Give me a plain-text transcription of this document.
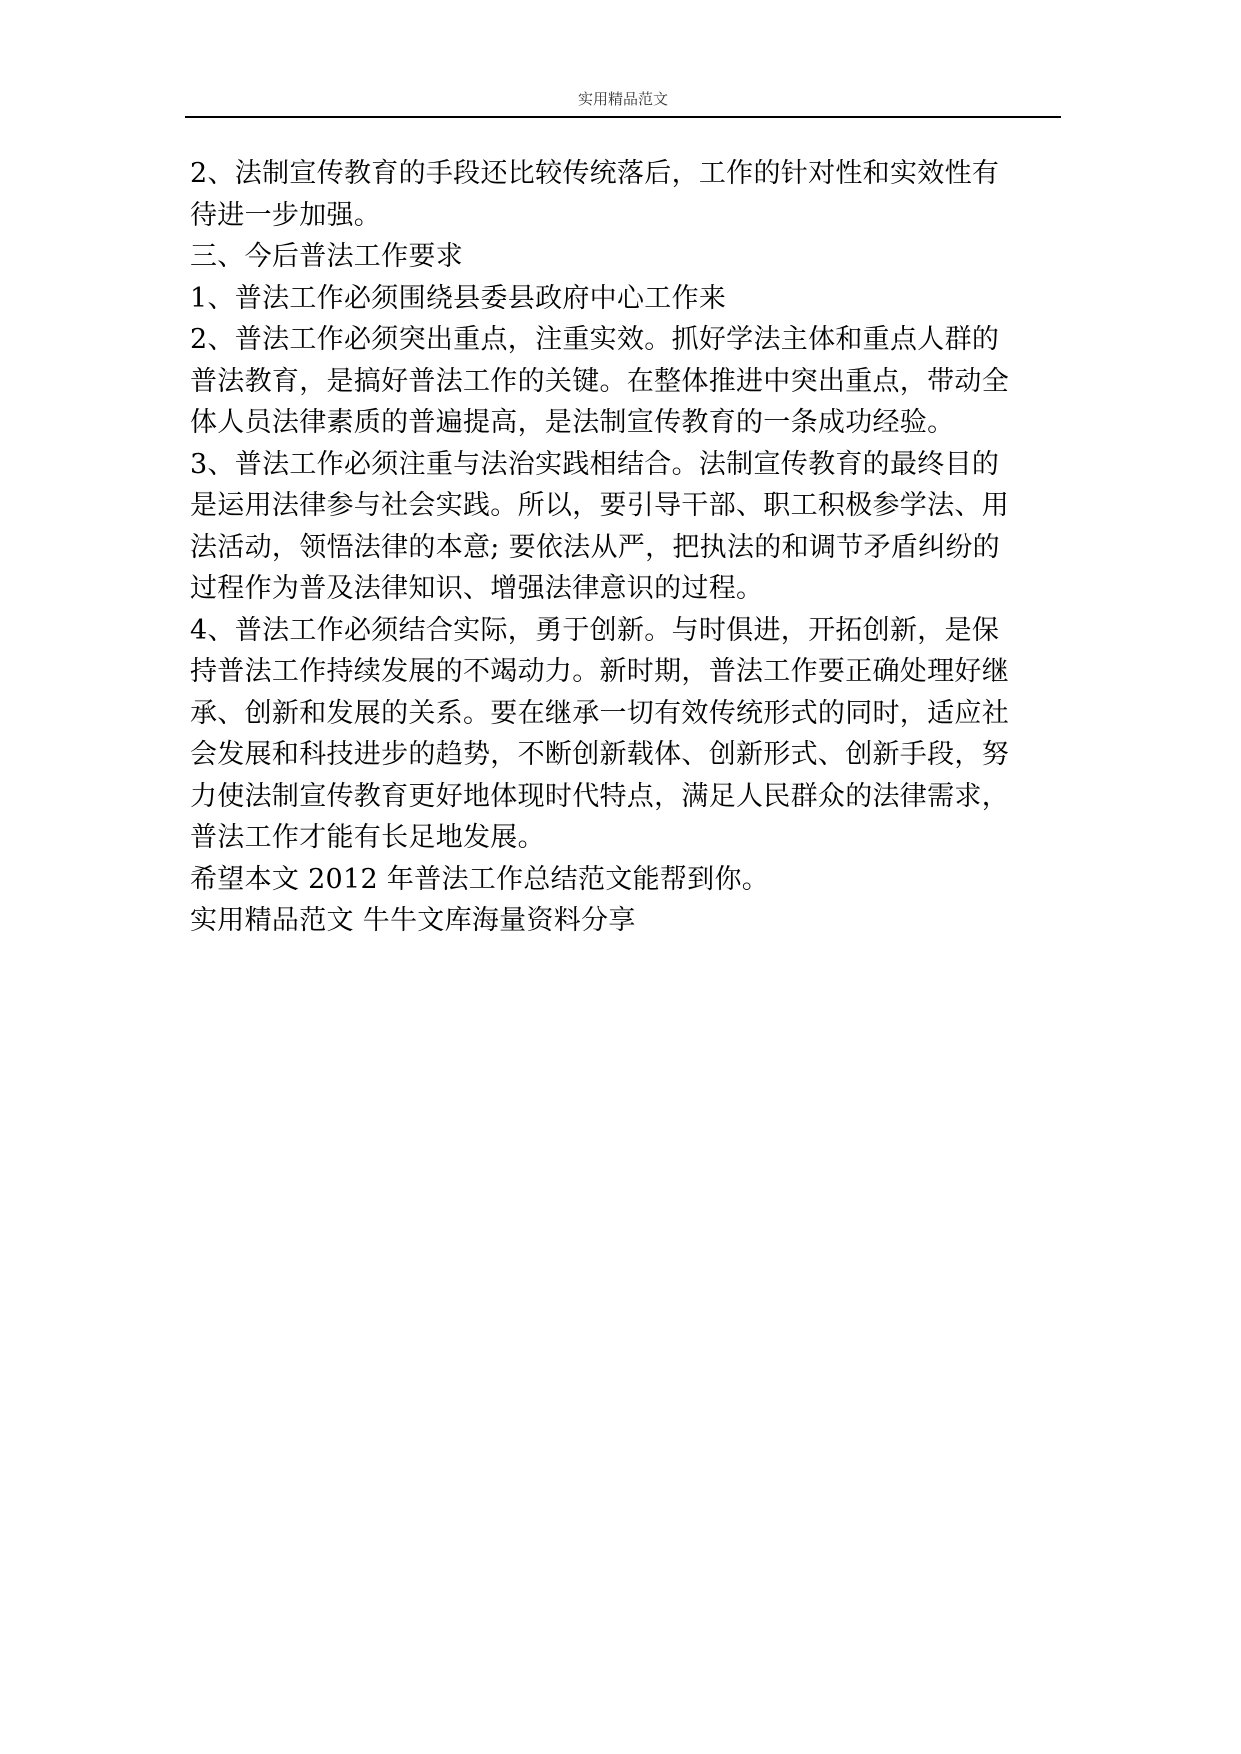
实用精品范文

2、法制宣传教育的手段还比较传统落后，工作的针对性和实效性有

待进一步加强。

三、今后普法工作要求

1、普法工作必须围绕县委县政府中心工作来

2、普法工作必须突出重点，注重实效。抓好学法主体和重点人群的

普法教育，是搞好普法工作的关键。在整体推进中突出重点，带动全

体人员法律素质的普遍提高，是法制宣传教育的一条成功经验。

3、普法工作必须注重与法治实践相结合。法制宣传教育的最终目的

是运用法律参与社会实践。所以，要引导干部、职工积极参学法、用

法活动，领悟法律的本意; 要依法从严，把执法的和调节矛盾纠纷的

过程作为普及法律知识、增强法律意识的过程。

4、普法工作必须结合实际，勇于创新。与时俱进，开拓创新，是保

持普法工作持续发展的不竭动力。新时期，普法工作要正确处理好继

承、创新和发展的关系。要在继承一切有效传统形式的同时，适应社

会发展和科技进步的趋势，不断创新载体、创新形式、创新手段，努

力使法制宣传教育更好地体现时代特点，满足人民群众的法律需求，

普法工作才能有长足地发展。

希望本文 2012 年普法工作总结范文能帮到你。

实用精品范文 牛牛文库海量资料分享
